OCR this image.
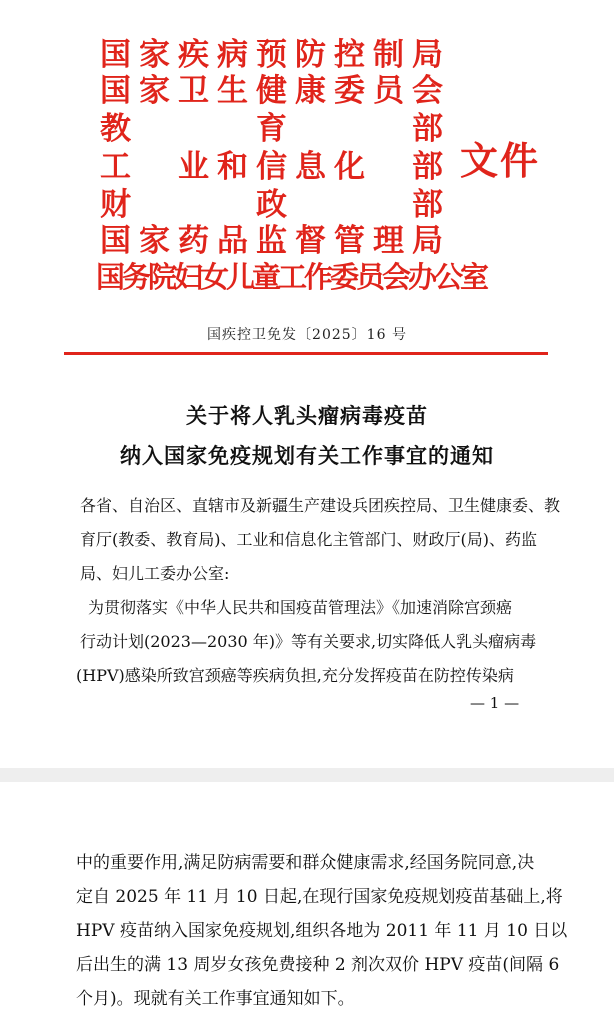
国 家 疾 病 预 防 控 制 局
国 家 卫 生 健 康 委 员 会
教	育	部
工 业 和 信 息 化 部
财	政	部
国 家 药 品 监 督 管 理 局
国务院妇女儿童工作委员会办公室
文件
国疾控卫免发〔2025〕16 号
关于将人乳头瘤病毒疫苗
纳入国家免疫规划有关工作事宜的通知
各省、自治区、直辖市及新疆生产建设兵团疾控局、卫生健康委、教
育厅(教委、教育局)、工业和信息化主管部门、财政厅(局)、药监
局、妇儿工委办公室:
为贯彻落实《中华人民共和国疫苗管理法》《加速消除宫颈癌
行动计划(2023—2030 年)》等有关要求,切实降低人乳头瘤病毒
(HPV)感染所致宫颈癌等疾病负担,充分发挥疫苗在防控传染病
— 1 —
中的重要作用,满足防病需要和群众健康需求,经国务院同意,决
定自 2025 年 11 月 10 日起,在现行国家免疫规划疫苗基础上,将
HPV 疫苗纳入国家免疫规划,组织各地为 2011 年 11 月 10 日以
后出生的满 13 周岁女孩免费接种 2 剂次双价 HPV 疫苗(间隔 6
个月)。现就有关工作事宜通知如下。
